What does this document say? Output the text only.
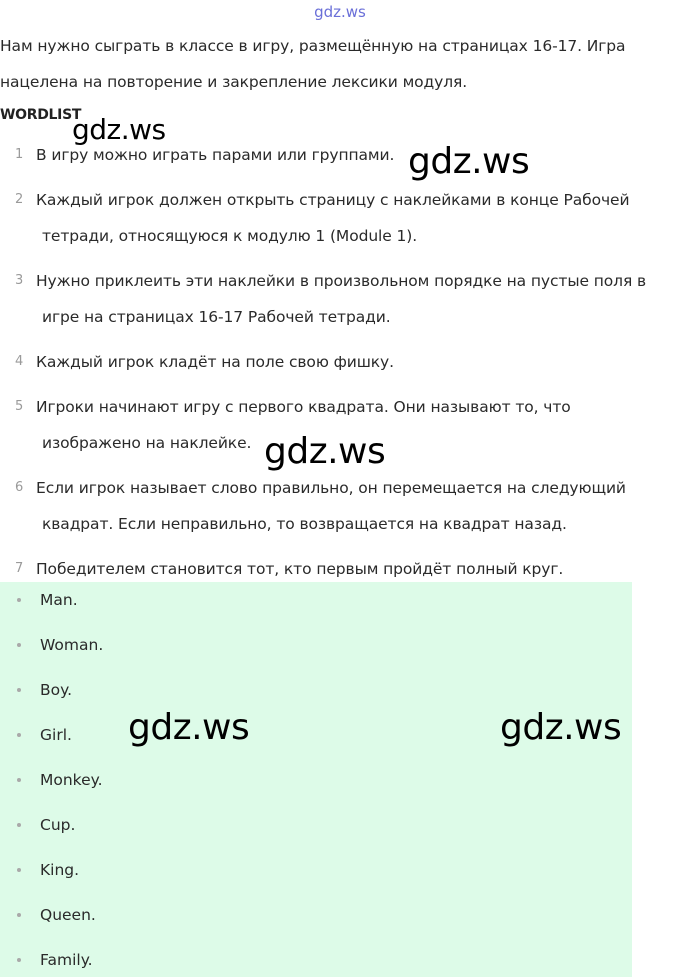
gdz.ws
Нам нужно сыграть в классе в игру, размещённую на страницах 16-17. Игра
нацелена на повторение и закрепление лексики модуля.
WORDLIST
1 В игру можно играть парами или группами.
2 Каждый игрок должен открыть страницу с наклейками в конце Рабочей
тетради, относящуюся к модулю 1 (Module 1).
3 Нужно приклеить эти наклейки в произвольном порядке на пустые поля в
игре на страницах 16-17 Рабочей тетради.
4 Каждый игрок кладёт на поле свою фишку.
5 Игроки начинают игру с первого квадрата. Они называют то, что
изображено на наклейке.
6 Если игрок называет слово правильно, он перемещается на следующий
квадрат. Если неправильно, то возвращается на квадрат назад.
7 Победителем становится тот, кто первым пройдёт полный круг.
Man.
Woman.
Boy.
Girl.
Monkey.
Cup.
King.
Queen.
Family.
gdz.ws
gdz.ws
gdz.ws
gdz.ws	gdz.ws
